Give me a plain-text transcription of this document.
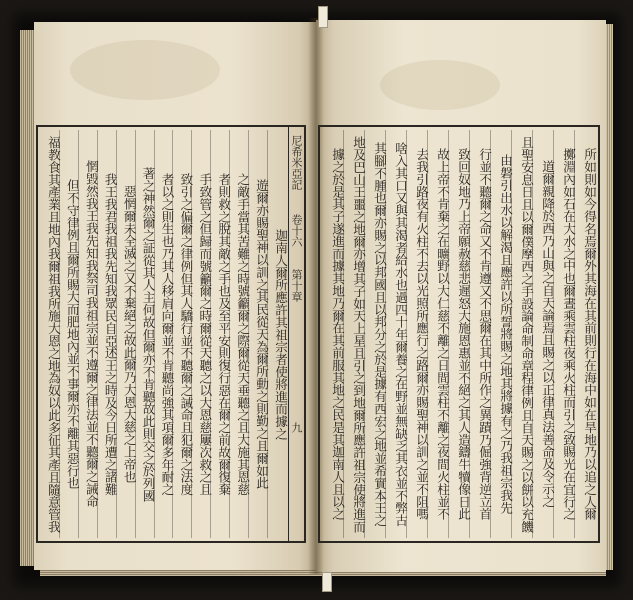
所如則如今得名焉爾外其海在其前則行在海中如在旱地乃以追之人爾
擲淵內如石在大水之中也爾晝乘雲柱夜乘火柱而引之致賜光在宜行之
道爾親降於西乃山與之自天論焉且賜之以正律真法善命及令示之
且聖安息日且以爾僕摩西之手設論命制命章程律例且自天賜之以餅以充饑
由磐引出水以解渴且應許以所誓將賜之地其將據有之乃我祖宗我先
行並不聽爾之命又不肯遵又不思爾在其中所作之異蹟乃倔強背逆立首
致回奴地乃上帝願赦慈悲遲怒大施恩惠並不絕之其人造鑄牛犢像日此
故上帝不肯棄之在曠野以大仁慈不離之日間雲柱不離之夜間火柱並不
去我引路夜有火柱不去以光照所應行之路爾亦賜聖神以訓之並不阻嗎
啥入其口又與其渴者給水也過四十年爾養之在野並無缺乏其衣並不弊古
其腳不腫也爾亦賜之以邦國且以邦分之於是據有西宏之地並希實本王之
地及巴山王噩之地爾亦增其子如天上星且引之到地爾所應許祖宗使將進而
據之於是其子遂進而據其地乃爾在其前服其地之民是其迦南人且以之
迦南人爾所應許其祖宗者使將進而據之
遊爾亦賜聖神以訓之其民從天為爾所動之則勤之且爾如此
之敵手當其苦難之時號籲爾之際爾從天垂聽之且大施其恩慈
者則救之脫其敵之手也及至平安則復行惡在爾之前故爾復棄
手致管之但歸而號籲爾之時爾從天聽之以大恩慈屢次救之且
致引之偏爾之律例但其人驕行並不聽爾之誡命且犯爾之法度
者以之則生也乃其人移肩向爾並不肯聽尚強其項爾多年耐之
著之神然爾之証從其人主何故但爾亦不肯聽故此則交之於列國
惡惘爾未全滅之又不棄絕之故此爾乃大恩大慈之上帝也
我王我君我祖我先知我眾民自亞述王之時及今日所遭之諸難
惘毀然我王我先知我祭司我祖宗並不遵爾之律法並不聽爾之誡命
但不守律例且爾所賜大而肥地內並不事爾亦不離其惡行也
福教食其產業且地內我爾祖我所施大恩之地為奴以此多征其產且隨意管我	尼希米亞記
卷十六
第十章
九
